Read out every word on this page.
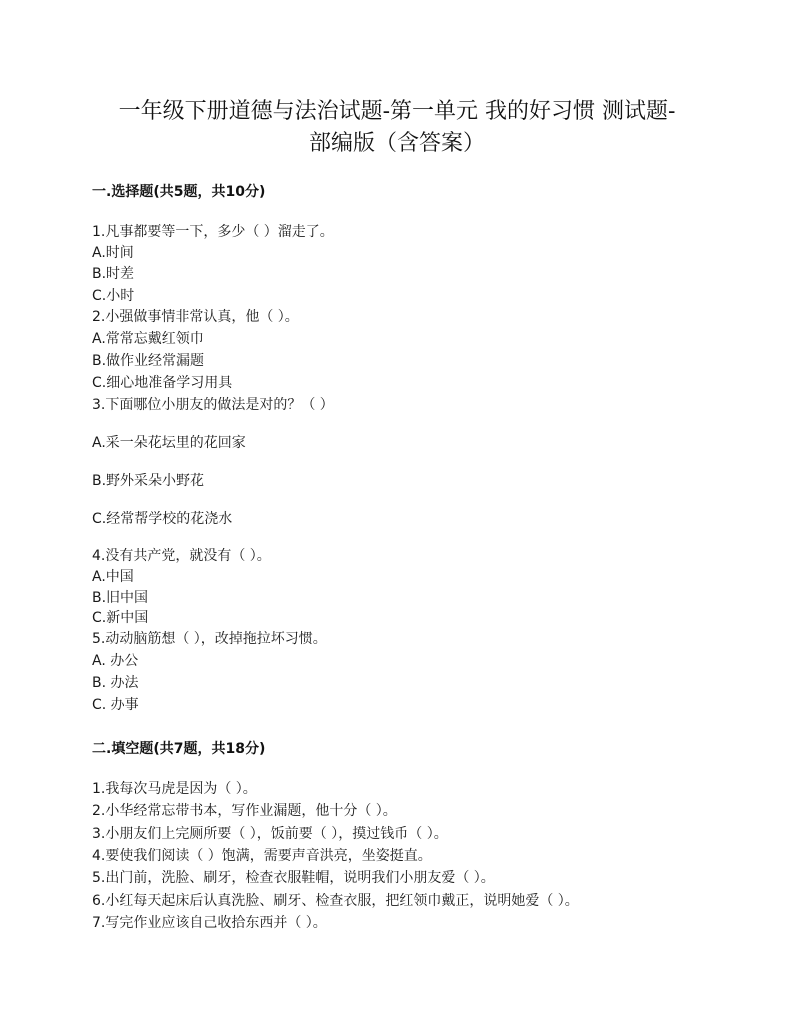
一年级下册道德与法治试题-第一单元 我的好习惯 测试题-
部编版（含答案）
一.选择题(共5题，共10分)
1.凡事都要等一下，多少（ ）溜走了。
A.时间
B.时差
C.小时
2.小强做事情非常认真，他（ ）。
A.常常忘戴红领巾
B.做作业经常漏题
C.细心地准备学习用具
3.下面哪位小朋友的做法是对的？（ ）
A.采一朵花坛里的花回家
B.野外采朵小野花
C.经常帮学校的花浇水
4.没有共产党，就没有（ ）。
A.中国
B.旧中国
C.新中国
5.动动脑筋想（ ），改掉拖拉坏习惯。
A. 办公
B. 办法
C. 办事
二.填空题(共7题，共18分)
1.我每次马虎是因为（ ）。
2.小华经常忘带书本，写作业漏题，他十分（ ）。
3.小朋友们上完厕所要（ ），饭前要（ ），摸过钱币（ ）。
4.要使我们阅读（ ）饱满，需要声音洪亮，坐姿挺直。
5.出门前，洗脸、刷牙，检查衣服鞋帽，说明我们小朋友爱（ ）。
6.小红每天起床后认真洗脸、刷牙、检查衣服，把红领巾戴正，说明她爱（ ）。
7.写完作业应该自己收拾东西并（ ）。
